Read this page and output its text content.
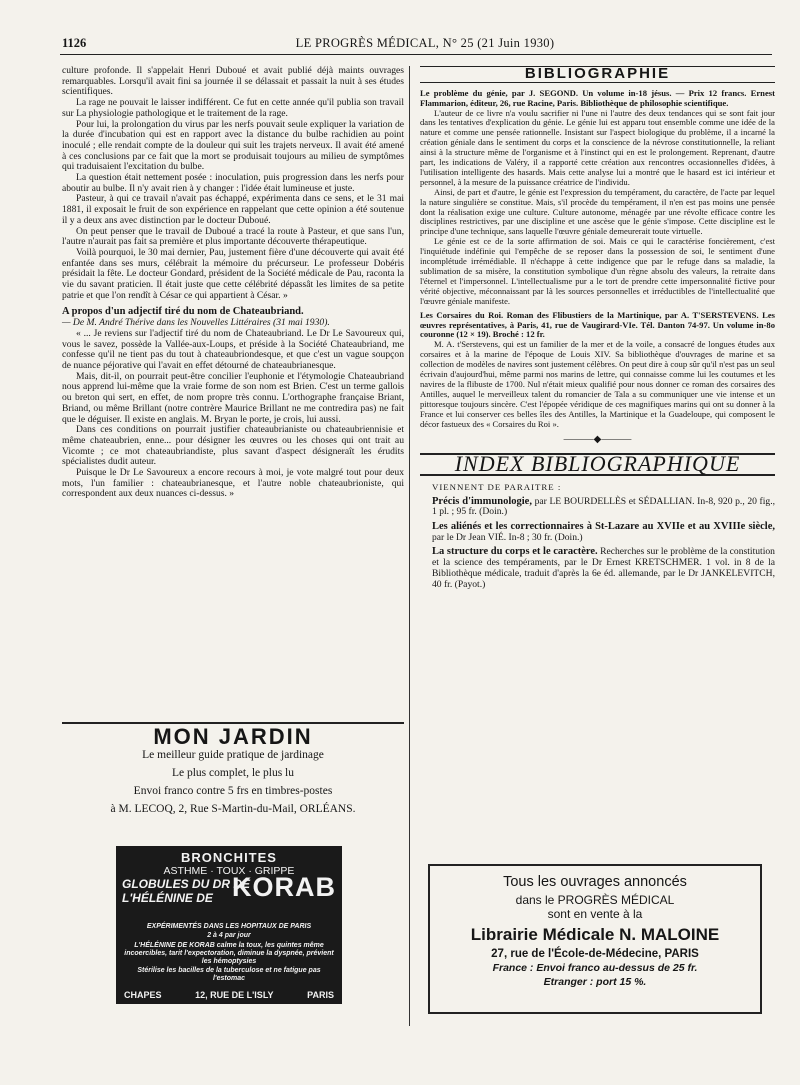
1126	LE PROGRÈS MÉDICAL, N° 25 (21 Juin 1930)

culture profonde. Il s'appelait Henri Duboué et avait publié déjà maints ouvrages remarquables. Lorsqu'il avait fini sa journée il se délassait et passait la nuit à ses études scientifiques.

La rage ne pouvait le laisser indifférent. Ce fut en cette année qu'il publia son travail sur La physiologie pathologique et le traitement de la rage.

Pour lui, la prolongation du virus par les nerfs pouvait seule expliquer la variation de la durée d'incubation qui est en rapport avec la distance du bulbe rachidien au point inoculé ; elle rendait compte de la douleur qui suit les trajets nerveux. Il avait été amené à ces conclusions par ce fait que la mort se produisait toujours au milieu de symptômes qui traduisaient l'excitation du bulbe.

La question était nettement posée : inoculation, puis progression dans les nerfs pour aboutir au bulbe. Il n'y avait rien à y changer : l'idée était lumineuse et juste.

Pasteur, à qui ce travail n'avait pas échappé, expérimenta dans ce sens, et le 31 mai 1881, il exposait le fruit de son expérience en rappelant que cette opinion a été soutenue il y a deux ans avec distinction par le docteur Duboué.

On peut penser que le travail de Duboué a tracé la route à Pasteur, et que sans l'un, l'autre n'aurait pas fait sa première et plus importante découverte thérapeutique.

Voilà pourquoi, le 30 mai dernier, Pau, justement fière d'une découverte qui avait été enfantée dans ses murs, célébrait la mémoire du précurseur. Le professeur Dobéris présidait la fête. Le docteur Gondard, président de la Société médicale de Pau, raconta la vie du savant praticien. Il était juste que cette célébrité dépassât les limites de sa petite patrie et que l'on rendît à César ce qui appartient à César. »

A propos d'un adjectif tiré du nom de Chateaubriand.

— De M. André Thérive dans les Nouvelles Littéraires (31 mai 1930).

« ... Je reviens sur l'adjectif tiré du nom de Chateaubriand. Le Dr Le Savoureux qui, vous le savez, possède la Vallée-aux-Loups, et préside à la Société Chateaubriand, me confesse qu'il ne tient pas du tout à chateaubriondesque, et que c'est un vague soupçon de nuance péjorative qui l'avait en effet détourné de chateaubrianesque.

Mais, dit-il, on pourrait peut-être concilier l'euphonie et l'étymologie Chateaubriand nous apprend lui-même que la vraie forme de son nom est Brien. C'est un terme gallois ou breton qui sert, en effet, de nom propre très connu. L'orthographe française Briant, Briand, ou même Brillant (notre contrère Maurice Brillant ne me contredira pas) ne fait que le déguiser. Il existe en anglais. M. Bryan le porte, je crois, lui aussi.

Dans ces conditions on pourrait justifier chateaubrianiste ou chateaubriennisie et même chateaubrien, enne... pour désigner les œuvres ou les choses qui ont trait au Vicomte ; ce mot chateaubriandiste, plus savant d'aspect désigneraît les érudits spécialistes dudit auteur.

Puisque le Dr Le Savoureux a encore recours à moi, je vote malgré tout pour deux mots, l'un familier : chateaubrianesque, et l'autre noble chateaubrioniste, qui correspondent aux deux nuances ci-dessus. »

MON JARDIN
Le meilleur guide pratique de jardinage
Le plus complet, le plus lu
Envoi franco contre 5 frs en timbres-postes
à M. LECOQ, 2, Rue S-Martin-du-Mail, ORLÉANS.
BRONCHITES
ASTHME · TOUX · GRIPPE
GLOBULES DU DR DE
L'HÉLÉNINE DE KORAB
EXPÉRIMENTÉS DANS LES HOPITAUX DE PARIS
2 à 4 par jour
L'HÉLÉNINE DE KORAB calme la toux, les quintes même incoercibles, tarit l'expectoration, diminue la dyspnée, prévient les hémoptysies
Stérilise les bacilles de la tuberculose et ne fatigue pas l'estomac
CHAPES	12, RUE DE L'ISLY	PARIS
BIBLIOGRAPHIE

Le problème du génie, par J. SEGOND. Un volume in-18 jésus. — Prix 12 francs. Ernest Flammarion, éditeur, 26, rue Racine, Paris. Bibliothèque de philosophie scientifique.

L'auteur de ce livre n'a voulu sacrifier ni l'une ni l'autre des deux tendances qui se sont fait jour dans les tentatives d'explication du génie. Le génie lui est apparu tout ensemble comme une idée de la nature et comme une pensée rationnelle. Insistant sur l'aspect biologique du problème, il a incarné la création géniale dans le sentiment du corps et la conscience de la névrose constitutionnelle, la reliant ainsi à la structure même de l'organisme et à l'instinct qui en est le prolongement. Reprenant, d'autre part, les indications de Valéry, il a rapporté cette création aux rencontres occasionnelles d'idées, à l'utilisation intelligente des hasards. Mais cette analyse lui a montré que le hasard est ici intérieur et personnel, à la mesure de la puissance créatrice de l'individu.

Ainsi, de part et d'autre, le génie est l'expression du tempérament, du caractère, de l'acte par lequel la nature singulière se constitue. Mais, s'il procède du tempérament, il n'en est pas moins une pensée dont la réalisation exige une culture. Culture autonome, ménagée par une révolte efficace contre les disciplines restrictives, par une discipline et une ascèse que le génie s'impose. Cette discipline est le principe d'une technique, sans laquelle l'œuvre géniale demeurerait toute virtuelle.

Le génie est ce de la sorte affirmation de soi. Mais ce qui le caractérise foncièrement, c'est l'inquiétude indéfinie qui l'empêche de se reposer dans la possession de soi, le sentiment d'une incomplétude irrémédiable. Il n'échappe à cette indigence que par le refuge dans sa maladie, la sublimation de sa misère, la constitution symbolique d'un règne absolu des valeurs, la retraite dans l'éternel et l'impersonnel. L'intellectualisme pur a le tort de prendre cette impersonnalité fictive pour vérité objective, méconnaissant par là les sources personnelles et irréductibles de l'intellectualité que l'œuvre géniale manifeste.

Les Corsaires du Roi. Roman des Flibustiers de la Martinique, par A. T'SERSTEVENS. Les œuvres représentatives, à Paris, 41, rue de Vaugirard-VIe. Tél. Danton 74-97. Un volume in-8o couronne (12 × 19). Broché : 12 fr.

M. A. t'Serstevens, qui est un familier de la mer et de la voile, a consacré de longues études aux corsaires et à la marine de l'époque de Louis XIV. Sa bibliothèque d'ouvrages de marine et sa collection de modèles de navires sont justement célèbres. On peut dire à coup sûr qu'il n'est pas un seul écrivain d'aujourd'hui, même parmi nos marins de lettre, qui connaisse comme lui les coutumes et les navires de la flibuste de 1700. Nul n'était mieux qualifié pour nous donner ce roman des corsaires des Antilles, auquel le merveilleux talent du romancier de Tala a su communiquer une vie intense et un pittoresque toujours sincère. C'est l'épopée véridique de ces magnifiques marins qui ont su donner à la France et lui conserver ces belles îles des Antilles, la Martinique et la Guadeloupe, qui composent le décor fastueux des « Corsaires du Roi ».

———◆———
INDEX BIBLIOGRAPHIQUE
VIENNENT DE PARAITRE :

Précis d'immunologie, par LE BOURDELLÈS et SÉDALLIAN. In-8, 920 p., 20 fig., 1 pl. ; 95 fr. (Doin.)

Les aliénés et les correctionnaires à St-Lazare au XVIIe et au XVIIIe siècle, par le Dr Jean VIÉ. In-8 ; 30 fr. (Doin.)

La structure du corps et le caractère. Recherches sur le problème de la constitution et la science des tempéraments, par le Dr Ernest KRETSCHMER. 1 vol. in 8 de la Bibliothèque médicale, traduit d'après la 6e éd. allemande, par le Dr JANKELEVITCH, 40 fr. (Payot.)

Tous les ouvrages annoncés
dans le PROGRÈS MÉDICAL
sont en vente à la
Librairie Médicale N. MALOINE
27, rue de l'École-de-Médecine, PARIS
France : Envoi franco au-dessus de 25 fr.
Etranger : port 15 %.
